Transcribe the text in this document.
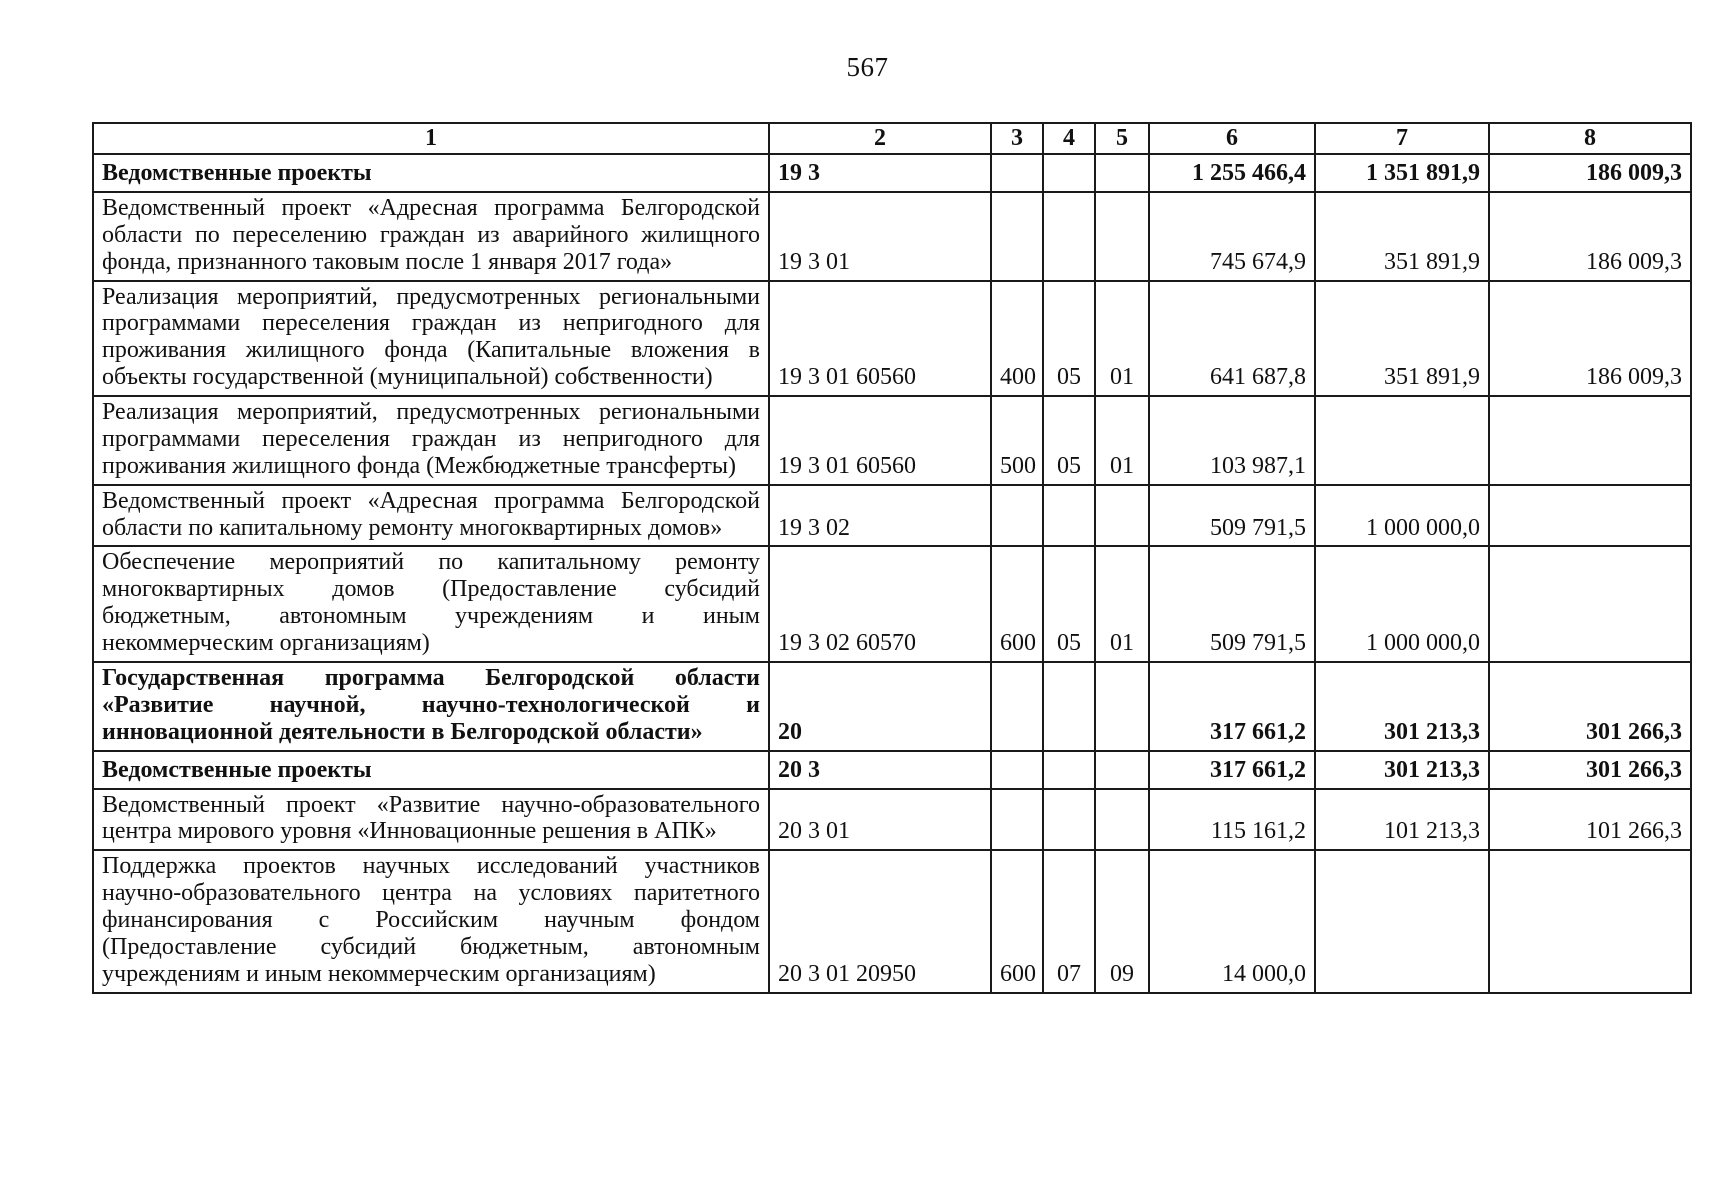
567
1	2	3	4	5	6	7	8
Ведомственные проекты	19 3				1 255 466,4	1 351 891,9	186 009,3
Ведомственный проект «Адресная программа Белгородской области по переселению граждан из аварийного жилищного фонда, признанного таковым после 1 января 2017 года»	19 3 01				745 674,9	351 891,9	186 009,3
Реализация мероприятий, предусмотренных региональными программами переселения граждан из непригодного для проживания жилищного фонда (Капитальные вложения в объекты государственной (муниципальной) собственности)	19 3 01 60560	400	05	01	641 687,8	351 891,9	186 009,3
Реализация мероприятий, предусмотренных региональными программами переселения граждан из непригодного для проживания жилищного фонда (Межбюджетные трансферты)	19 3 01 60560	500	05	01	103 987,1		
Ведомственный проект «Адресная программа Белгородской области по капитальному ремонту многоквартирных домов»	19 3 02				509 791,5	1 000 000,0	
Обеспечение мероприятий по капитальному ремонту многоквартирных домов (Предоставление субсидий бюджетным, автономным учреждениям и иным некоммерческим организациям)	19 3 02 60570	600	05	01	509 791,5	1 000 000,0	
Государственная программа Белгородской области «Развитие научной, научно-технологической и инновационной деятельности в Белгородской области»	20				317 661,2	301 213,3	301 266,3
Ведомственные проекты	20 3				317 661,2	301 213,3	301 266,3
Ведомственный проект «Развитие научно-образовательного центра мирового уровня «Инновационные решения в АПК»	20 3 01				115 161,2	101 213,3	101 266,3
Поддержка проектов научных исследований участников научно-образовательного центра на условиях паритетного финансирования с Российским научным фондом (Предоставление субсидий бюджетным, автономным учреждениям и иным некоммерческим организациям)	20 3 01 20950	600	07	09	14 000,0		
